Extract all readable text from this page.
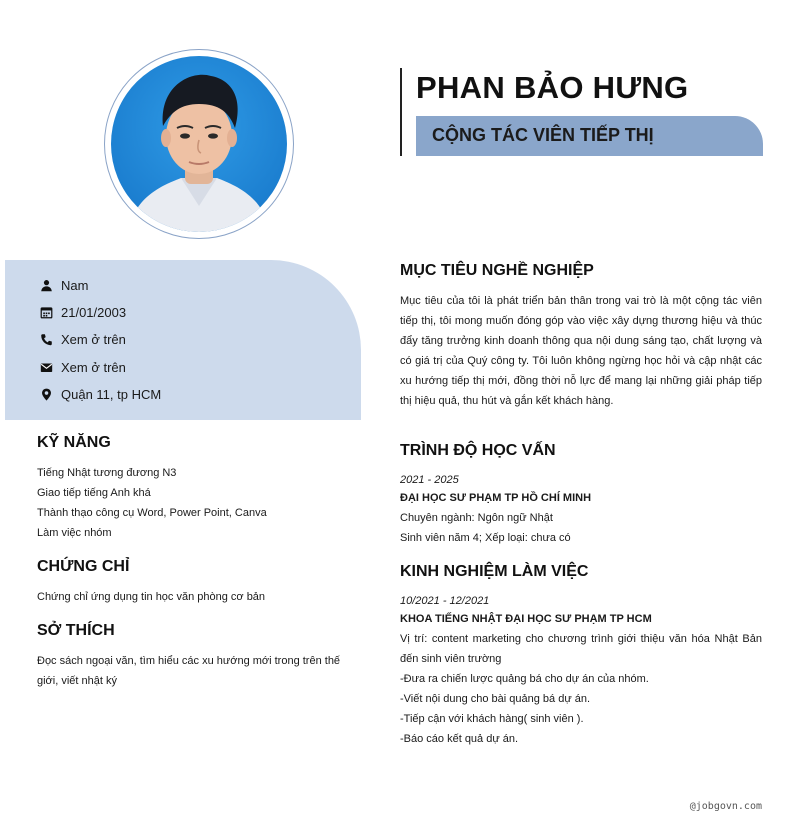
PHAN BẢO HƯNG
CỘNG TÁC VIÊN TIẾP THỊ
Nam
21/01/2003
Xem ở trên
Xem ở trên
Quận 11, tp HCM
KỸ NĂNG
Tiếng Nhật tương đương N3
Giao tiếp tiếng Anh khá
Thành thạo công cụ Word, Power Point, Canva
Làm việc nhóm
CHỨNG CHỈ
Chứng chỉ ứng dụng tin học văn phòng cơ bản
SỞ THÍCH
Đọc sách ngoại văn, tìm hiểu các xu hướng mới trong trên thế giới, viết nhật ký
MỤC TIÊU NGHỀ NGHIỆP
Mục tiêu của tôi là phát triển bản thân trong vai trò là một cộng tác viên tiếp thị, tôi mong muốn đóng góp vào việc xây dựng thương hiệu và thúc đẩy tăng trưởng kinh doanh thông qua nội dung sáng tạo, chất lượng và có giá trị của Quý công ty. Tôi luôn không ngừng học hỏi và cập nhật các xu hướng tiếp thị mới, đồng thời nỗ lực để mang lại những giải pháp tiếp thị hiệu quả, thu hút và gắn kết khách hàng.
TRÌNH ĐỘ HỌC VẤN
2021 - 2025
ĐẠI HỌC SƯ PHẠM TP HỒ CHÍ MINH
Chuyên ngành: Ngôn ngữ Nhật
Sinh viên năm 4; Xếp loại: chưa có
KINH NGHIỆM LÀM VIỆC
10/2021 - 12/2021
KHOA TIẾNG NHẬT ĐẠI HỌC SƯ PHẠM TP HCM
Vị trí: content marketing cho chương trình giới thiệu văn hóa Nhật Bản đến sinh viên trường
-Đưa ra chiến lược quảng bá cho dự án của nhóm.
-Viết nội dung cho bài quảng bá dự án.
-Tiếp cận với khách hàng( sinh viên ).
-Báo cáo kết quả dự án.
@jobgovn.com
